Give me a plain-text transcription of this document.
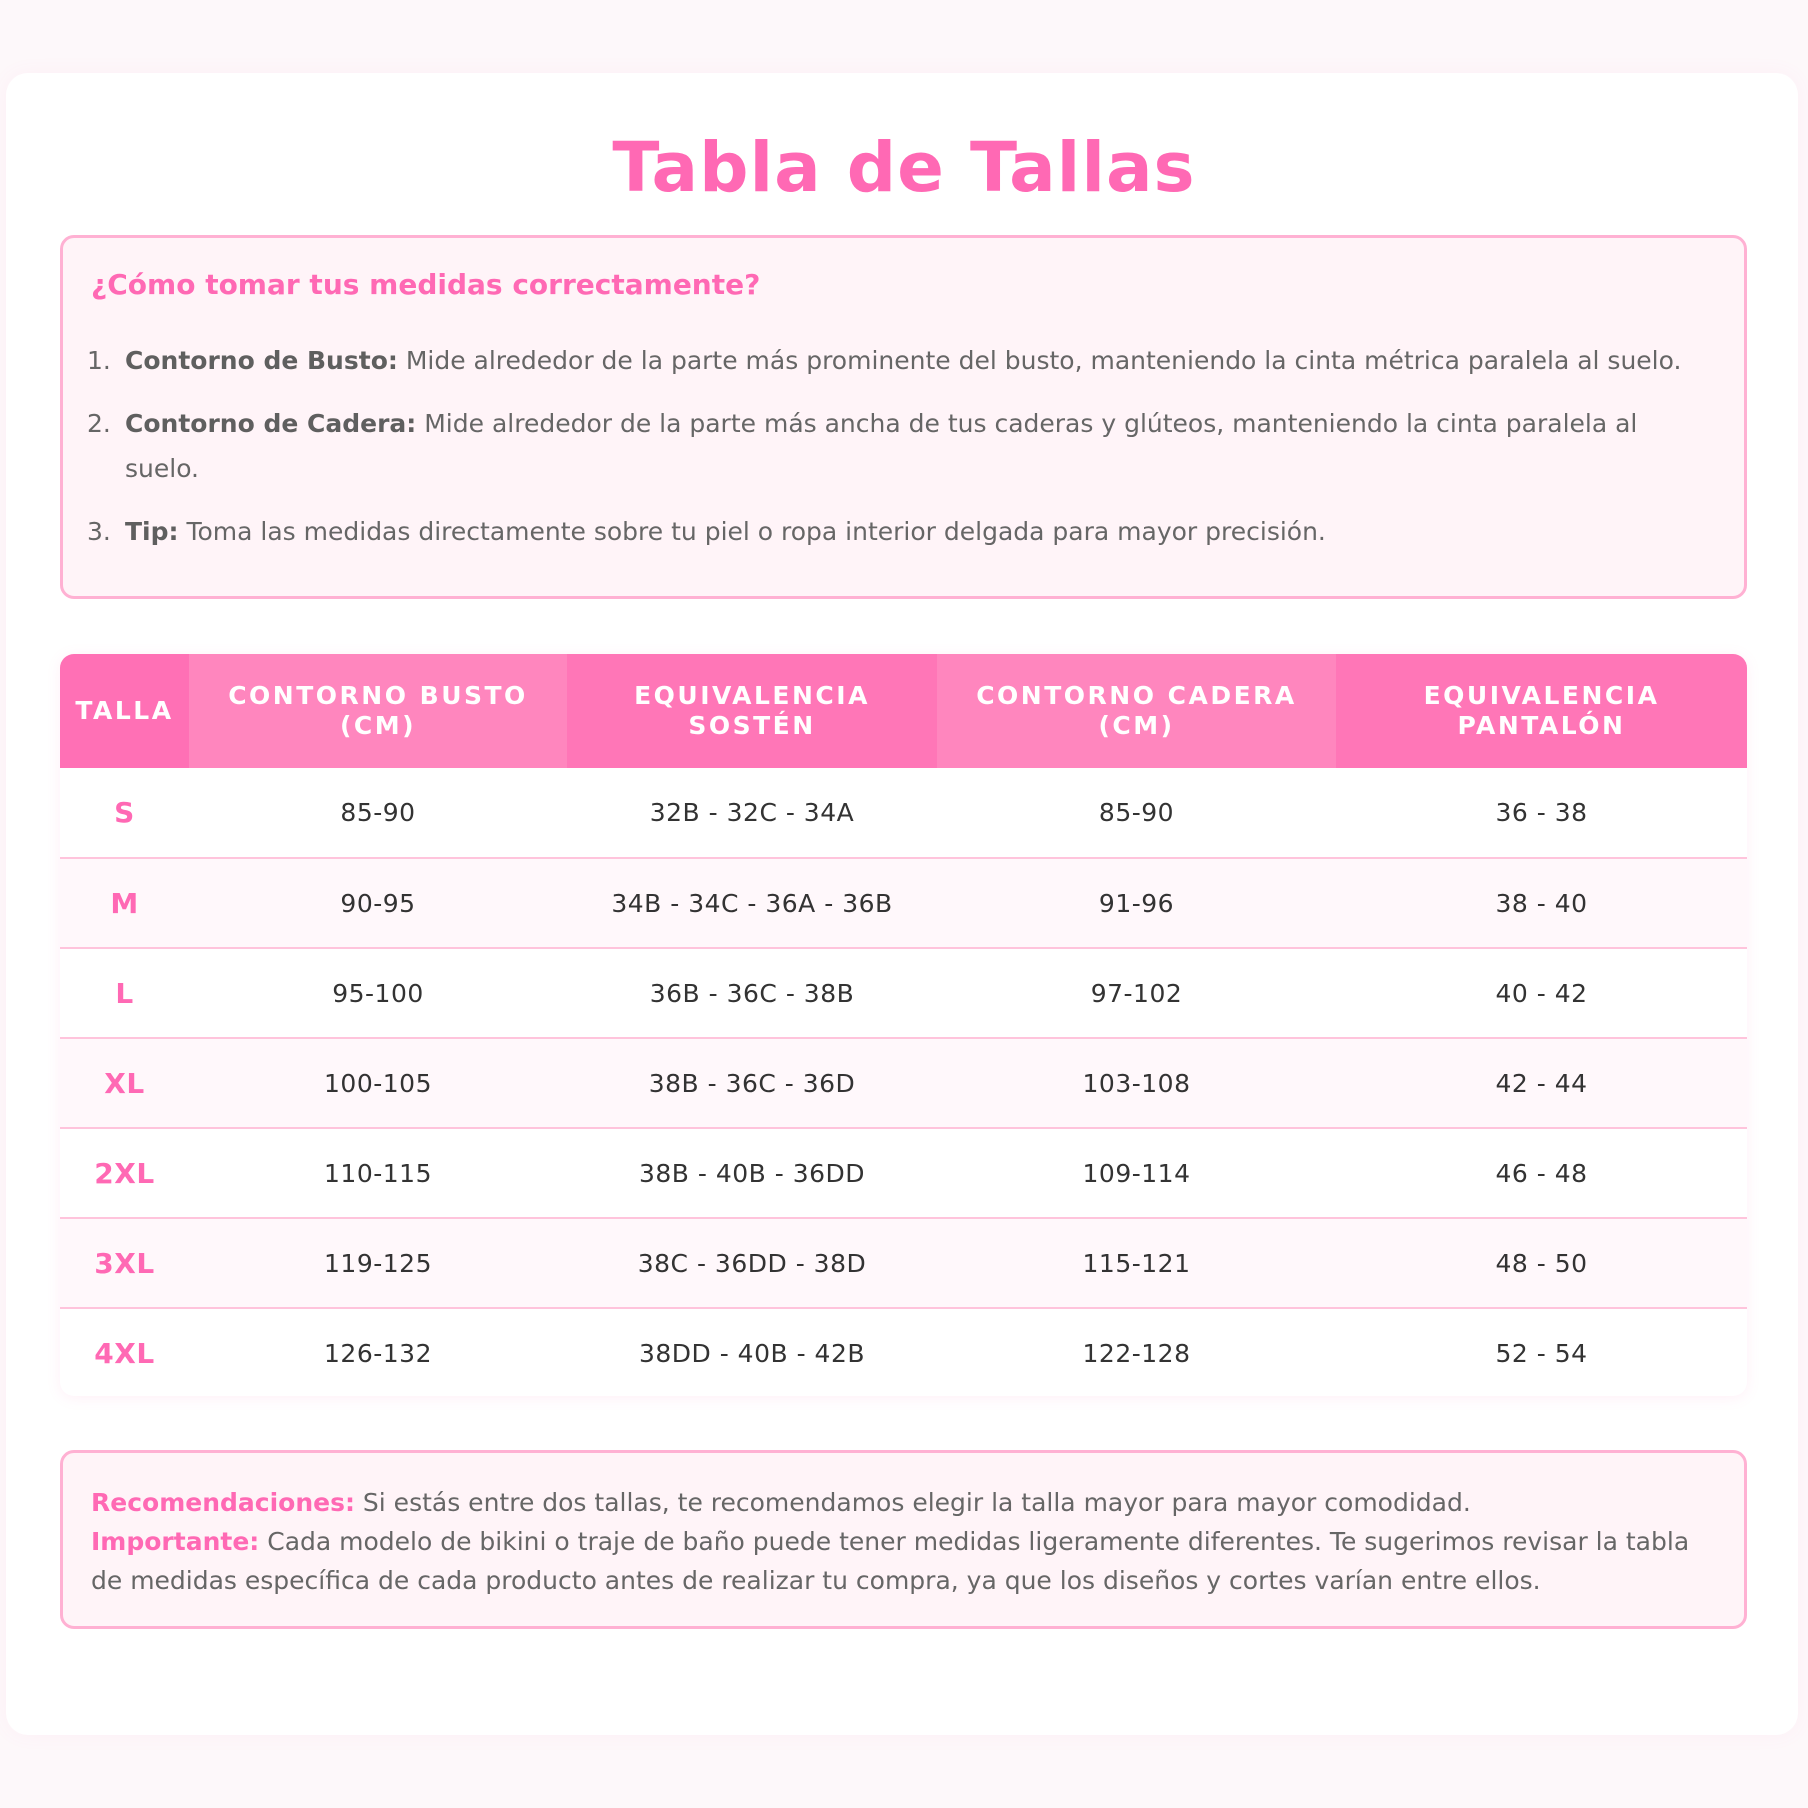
Tabla de Tallas
¿Cómo tomar tus medidas correctamente?
1. Contorno de Busto: Mide alrededor de la parte más prominente del busto, manteniendo la cinta métrica paralela al suelo.
2. Contorno de Cadera: Mide alrededor de la parte más ancha de tus caderas y glúteos, manteniendo la cinta paralela al suelo.
3. Tip: Toma las medidas directamente sobre tu piel o ropa interior delgada para mayor precisión.
TALLA	CONTORNO BUSTO (CM)	EQUIVALENCIA SOSTÉN	CONTORNO CADERA (CM)	EQUIVALENCIA PANTALÓN
S	85-90	32B - 32C - 34A	85-90	36 - 38
M	90-95	34B - 34C - 36A - 36B	91-96	38 - 40
L	95-100	36B - 36C - 38B	97-102	40 - 42
XL	100-105	38B - 36C - 36D	103-108	42 - 44
2XL	110-115	38B - 40B - 36DD	109-114	46 - 48
3XL	119-125	38C - 36DD - 38D	115-121	48 - 50
4XL	126-132	38DD - 40B - 42B	122-128	52 - 54

Recomendaciones: Si estás entre dos tallas, te recomendamos elegir la talla mayor para mayor comodidad.
Importante: Cada modelo de bikini o traje de baño puede tener medidas ligeramente diferentes. Te sugerimos revisar la tabla de medidas específica de cada producto antes de realizar tu compra, ya que los diseños y cortes varían entre ellos.
